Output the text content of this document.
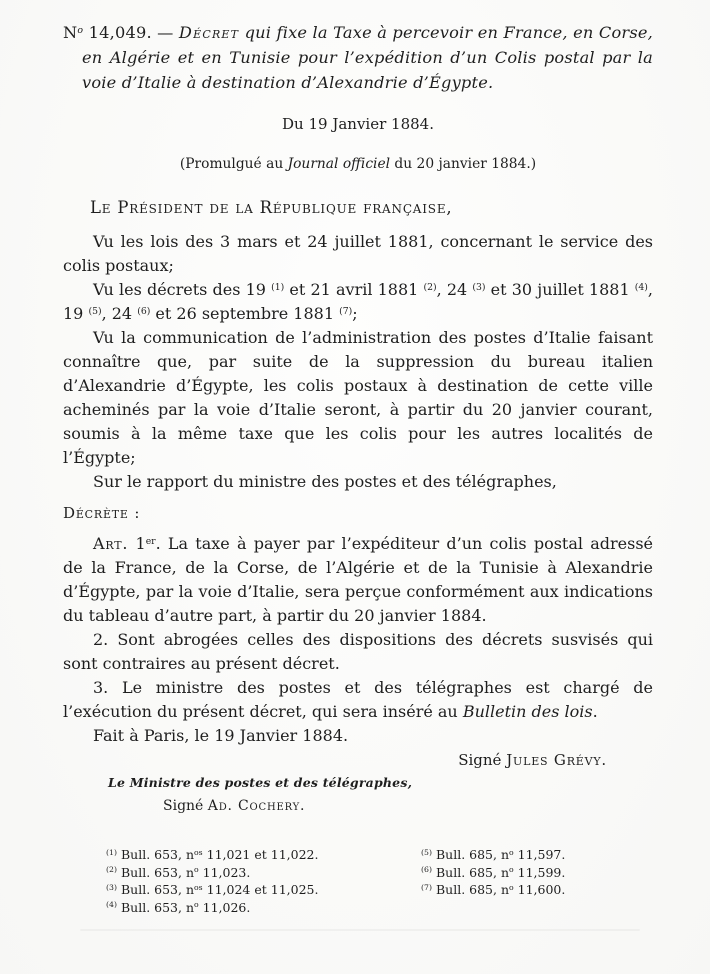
$N^o$ 14,049. — Décret qui fixe la Taxe à percevoir en France, en Corse, en Algérie et en Tunisie pour l’expédition d’un Colis postal par la voie d’Italie à destination d’Alexandrie d’Égypte.

Du 19 Janvier 1884.

(Promulgué au Journal officiel du 20 janvier 1884.)

Le Président de la République française,

Vu les lois des 3 mars et 24 juillet 1881, concernant le service des colis postaux;

Vu les décrets des 19 $^{(1)}$ et 21 avril 1881 $^{(2)}$, 24 $^{(3)}$ et 30 juillet 1881 $^{(4)}$, 19 $^{(5)}$, 24 $^{(6)}$ et 26 septembre 1881 $^{(7)}$;

Vu la communication de l’administration des postes d’Italie faisant connaître que, par suite de la suppression du bureau italien d’Alexandrie d’Égypte, les colis postaux à destination de cette ville acheminés par la voie d’Italie seront, à partir du 20 janvier courant, soumis à la même taxe que les colis pour les autres localités de l’Égypte;

Sur le rapport du ministre des postes et des télégraphes,

Décrète :

Art. 1er. La taxe à payer par l’expéditeur d’un colis postal adressé de la France, de la Corse, de l’Algérie et de la Tunisie à Alexandrie d’Égypte, par la voie d’Italie, sera perçue conformément aux indications du tableau d’autre part, à partir du 20 janvier 1884.

2. Sont abrogées celles des dispositions des décrets susvisés qui sont contraires au présent décret.

3. Le ministre des postes et des télégraphes est chargé de l’exécution du présent décret, qui sera inséré au Bulletin des lois.

Fait à Paris, le 19 Janvier 1884.

Signé Jules Grévy.

Le Ministre des postes et des télégraphes,

Signé Ad. Cochery.

$^{(1)}$ Bull. 653, $n^{os}$ 11,021 et 11,022.

$^{(2)}$ Bull. 653, $n^o$ 11,023.

$^{(3)}$ Bull. 653, $n^{os}$ 11,024 et 11,025.

$^{(4)}$ Bull. 653, $n^o$ 11,026.

$^{(5)}$ Bull. 685, $n^o$ 11,597.

$^{(6)}$ Bull. 685, $n^o$ 11,599.

$^{(7)}$ Bull. 685, $n^o$ 11,600.
